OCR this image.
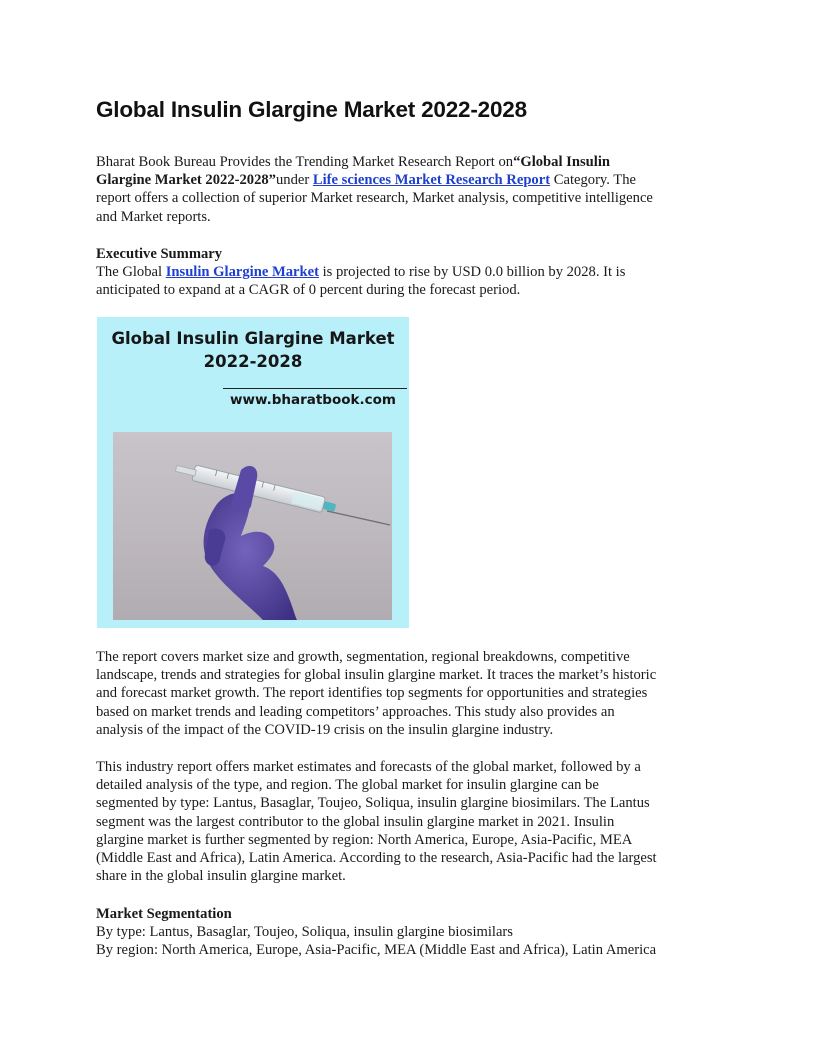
Global Insulin Glargine Market 2022-2028
Bharat Book Bureau Provides the Trending Market Research Report on“Global Insulin
Glargine Market 2022-2028”under Life sciences Market Research Report Category. The
report offers a collection of superior Market research, Market analysis, competitive intelligence
and Market reports.
Executive Summary
The Global Insulin Glargine Market is projected to rise by USD 0.0 billion by 2028. It is
anticipated to expand at a CAGR of 0 percent during the forecast period.
Global Insulin Glargine Market
2022-2028
www.bharatbook.com
The report covers market size and growth, segmentation, regional breakdowns, competitive
landscape, trends and strategies for global insulin glargine market. It traces the market’s historic
and forecast market growth. The report identifies top segments for opportunities and strategies
based on market trends and leading competitors’ approaches. This study also provides an
analysis of the impact of the COVID-19 crisis on the insulin glargine industry.
This industry report offers market estimates and forecasts of the global market, followed by a
detailed analysis of the type, and region. The global market for insulin glargine can be
segmented by type: Lantus, Basaglar, Toujeo, Soliqua, insulin glargine biosimilars. The Lantus
segment was the largest contributor to the global insulin glargine market in 2021. Insulin
glargine market is further segmented by region: North America, Europe, Asia-Pacific, MEA
(Middle East and Africa), Latin America. According to the research, Asia-Pacific had the largest
share in the global insulin glargine market.
Market Segmentation
By type: Lantus, Basaglar, Toujeo, Soliqua, insulin glargine biosimilars
By region: North America, Europe, Asia-Pacific, MEA (Middle East and Africa), Latin America
